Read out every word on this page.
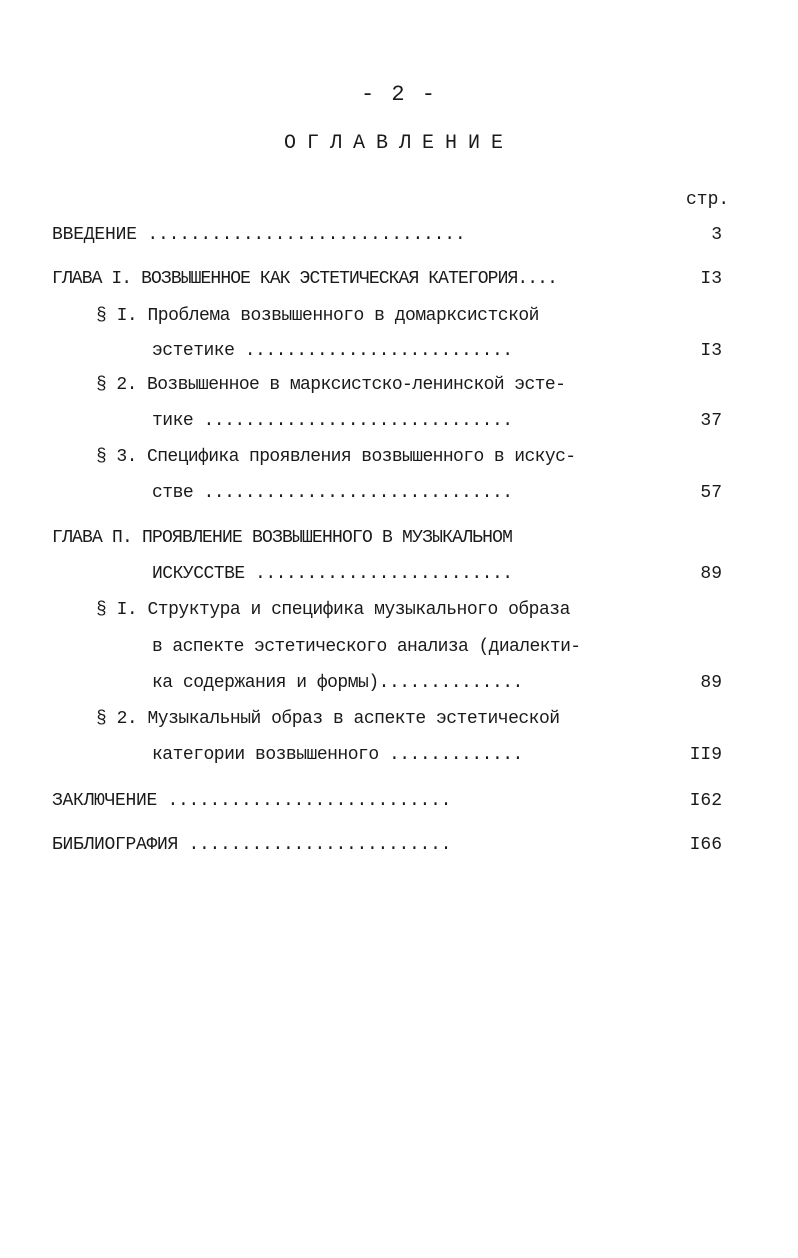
- 2 -
ОГЛАВЛЕНИЕ
стр.
ВВЕДЕНИЕ ..............................	3
ГЛАВА I. ВОЗВЫШЕННОЕ КАК ЭСТЕТИЧЕСКАЯ КАТЕГОРИЯ....	I3
§ I. Проблема возвышенного в домарксистской
эстетике ..........................	I3
§ 2. Возвышенное в марксистско-ленинской эсте-
тике ..............................	37
§ 3. Специфика проявления возвышенного в искус-
стве ..............................	57
ГЛАВА П. ПРОЯВЛЕНИЕ ВОЗВЫШЕННОГО В МУЗЫКАЛЬНОМ
ИСКУССТВЕ .........................	89
§ I. Структура и специфика музыкального образа
в аспекте эстетического анализа (диалекти-
ка содержания и формы)..............	89
§ 2. Музыкальный образ в аспекте эстетической
категории возвышенного .............	II9
ЗАКЛЮЧЕНИЕ ...........................	I62
БИБЛИОГРАФИЯ .........................	I66
